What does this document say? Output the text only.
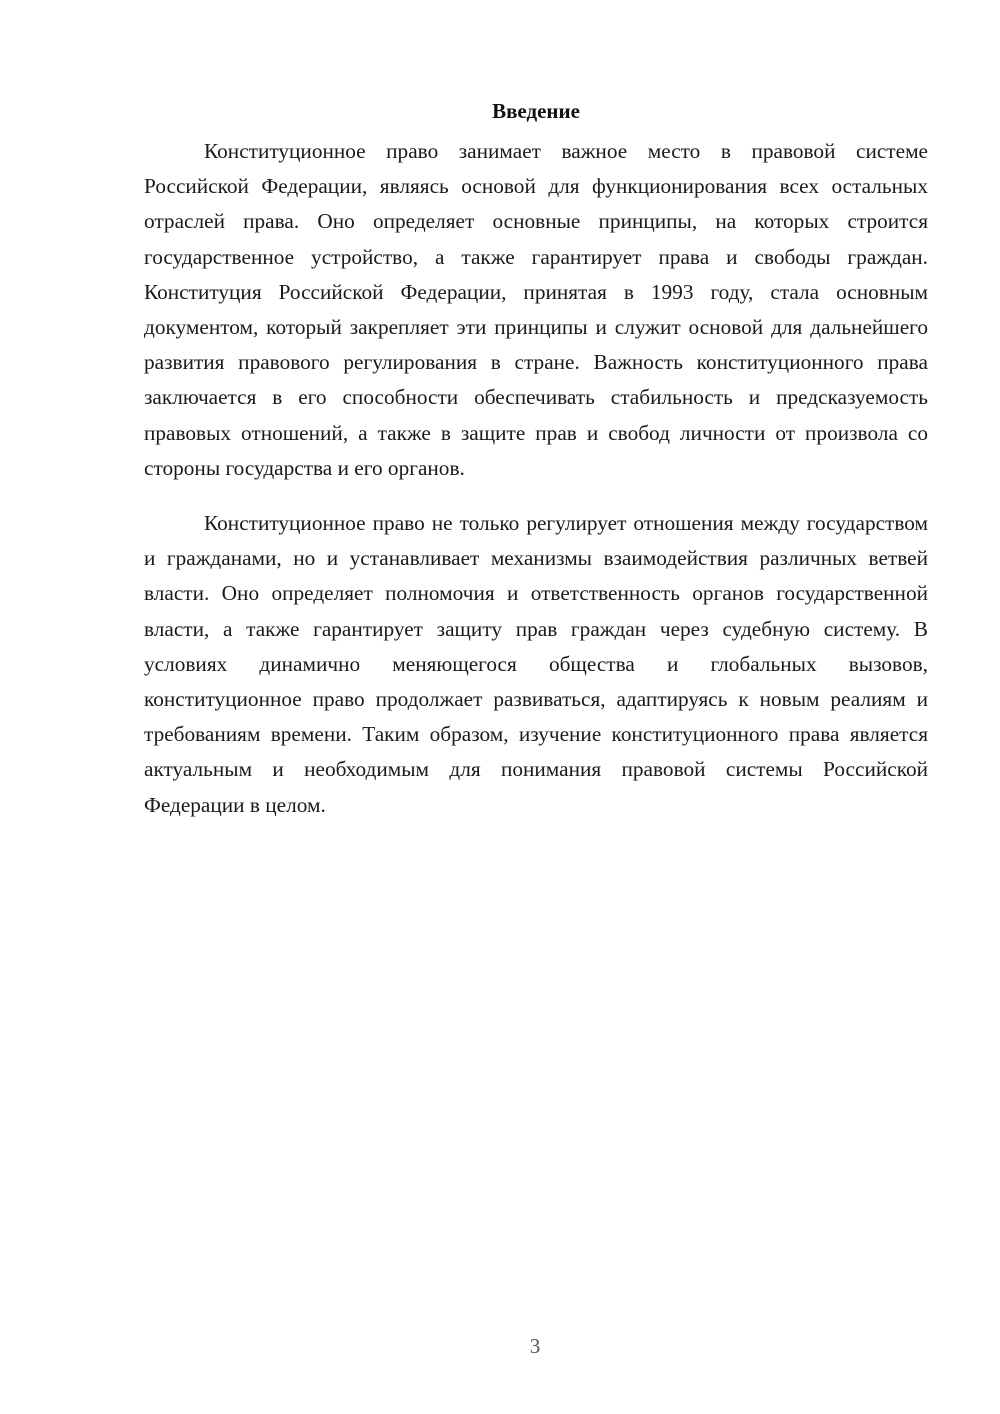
Введение

Конституционное право занимает важное место в правовой системе Российской Федерации, являясь основой для функционирования всех остальных отраслей права. Оно определяет основные принципы, на которых строится государственное устройство, а также гарантирует права и свободы граждан. Конституция Российской Федерации, принятая в 1993 году, стала основным документом, который закрепляет эти принципы и служит основой для дальнейшего развития правового регулирования в стране. Важность конституционного права заключается в его способности обеспечивать стабильность и предсказуемость правовых отношений, а также в защите прав и свобод личности от произвола со стороны государства и его органов.

Конституционное право не только регулирует отношения между государством и гражданами, но и устанавливает механизмы взаимодействия различных ветвей власти. Оно определяет полномочия и ответственность органов государственной власти, а также гарантирует защиту прав граждан через судебную систему. В условиях динамично меняющегося общества и глобальных вызовов, конституционное право продолжает развиваться, адаптируясь к новым реалиям и требованиям времени. Таким образом, изучение конституционного права является актуальным и необходимым для понимания правовой системы Российской Федерации в целом.

3
